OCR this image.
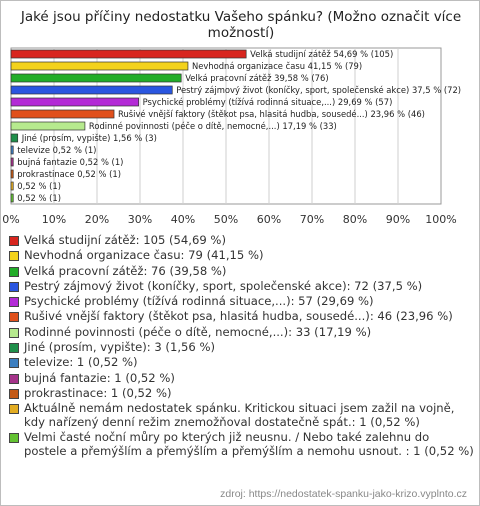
Jaké jsou příčiny nedostatku Vašeho spánku? (Možno označit více možností)
0% 10% 20% 30% 40% 50% 60% 70% 80% 90% 100%
Velká studijní zátěž 54,69 % (105)
Nevhodná organizace času 41,15 % (79)
Velká pracovní zátěž 39,58 % (76)
Pestrý zájmový život (koníčky, sport, společenské akce) 37,5 % (72)
Psychické problémy (tížívá rodinná situace,...) 29,69 % (57)
Rušivé vnější faktory (štěkot psa, hlasitá hudba, sousedé...) 23,96 % (46)
Rodinné povinnosti (péče o dítě, nemocné,...) 17,19 % (33)
Jiné (prosím, vypište) 1,56 % (3)
televize 0,52 % (1)
bujná fantazie 0,52 % (1)
prokrastinace 0,52 % (1)
0,52 % (1)
0,52 % (1)
Velká studijní zátěž: 105 (54,69 %)
Nevhodná organizace času: 79 (41,15 %)
Velká pracovní zátěž: 76 (39,58 %)
Pestrý zájmový život (koníčky, sport, společenské akce): 72 (37,5 %)
Psychické problémy (tížívá rodinná situace,...): 57 (29,69 %)
Rušivé vnější faktory (štěkot psa, hlasitá hudba, sousedé...): 46 (23,96 %)
Rodinné povinnosti (péče o dítě, nemocné,...): 33 (17,19 %)
Jiné (prosím, vypište): 3 (1,56 %)
televize: 1 (0,52 %)
bujná fantazie: 1 (0,52 %)
prokrastinace: 1 (0,52 %)
Aktuálně nemám nedostatek spánku. Kritickou situaci jsem zažil na vojně, kdy nařízený denní režim znemožňoval dostatečně spát.: 1 (0,52 %)
Velmi časté noční můry po kterých již neusnu. / Nebo také zalehnu do postele a přemýšlím a přemýšlím a přemýšlím a nemohu usnout. : 1 (0,52 %)
zdroj: https://nedostatek-spanku-jako-krizo.vyplnto.cz
